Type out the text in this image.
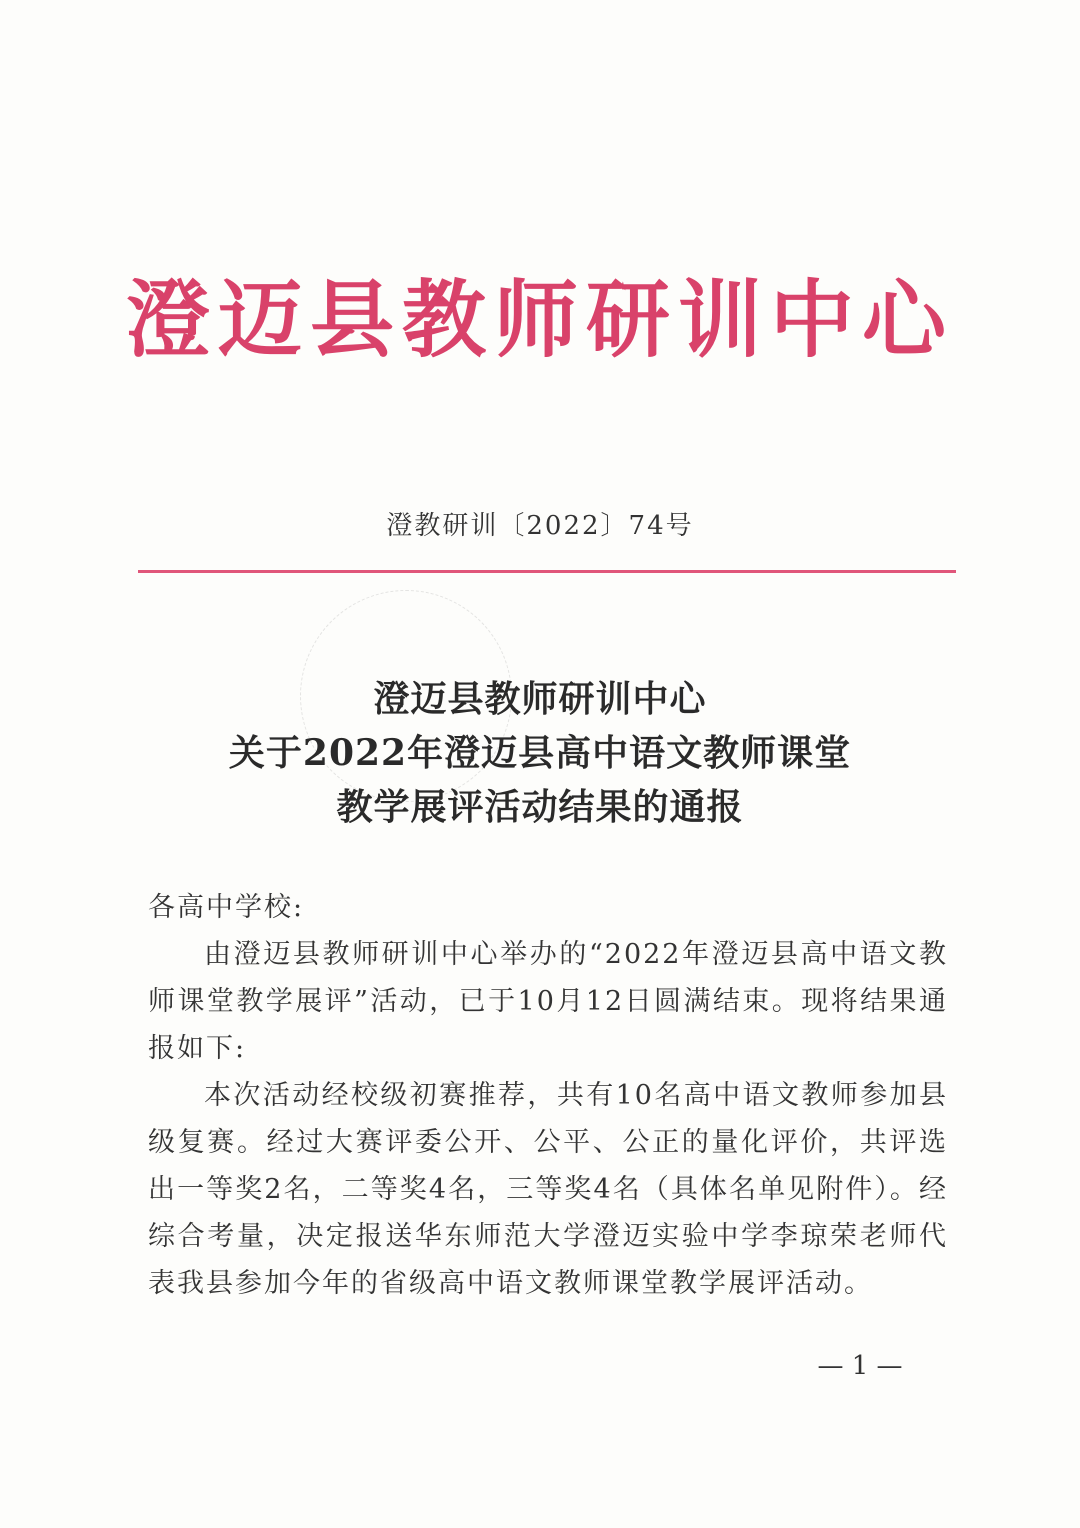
澄迈县教师研训中心
澄教研训〔2022〕74号
澄迈县教师研训中心
关于2022年澄迈县高中语文教师课堂
教学展评活动结果的通报
各高中学校:

由澄迈县教师研训中心举办的“2022年澄迈县高中语文教师课堂教学展评”活动，已于10月12日圆满结束。现将结果通报如下:

本次活动经校级初赛推荐，共有10名高中语文教师参加县级复赛。经过大赛评委公开、公平、公正的量化评价，共评选出一等奖2名，二等奖4名，三等奖4名（具体名单见附件）。经综合考量，决定报送华东师范大学澄迈实验中学李琼荣老师代表我县参加今年的省级高中语文教师课堂教学展评活动。

— 1 —
